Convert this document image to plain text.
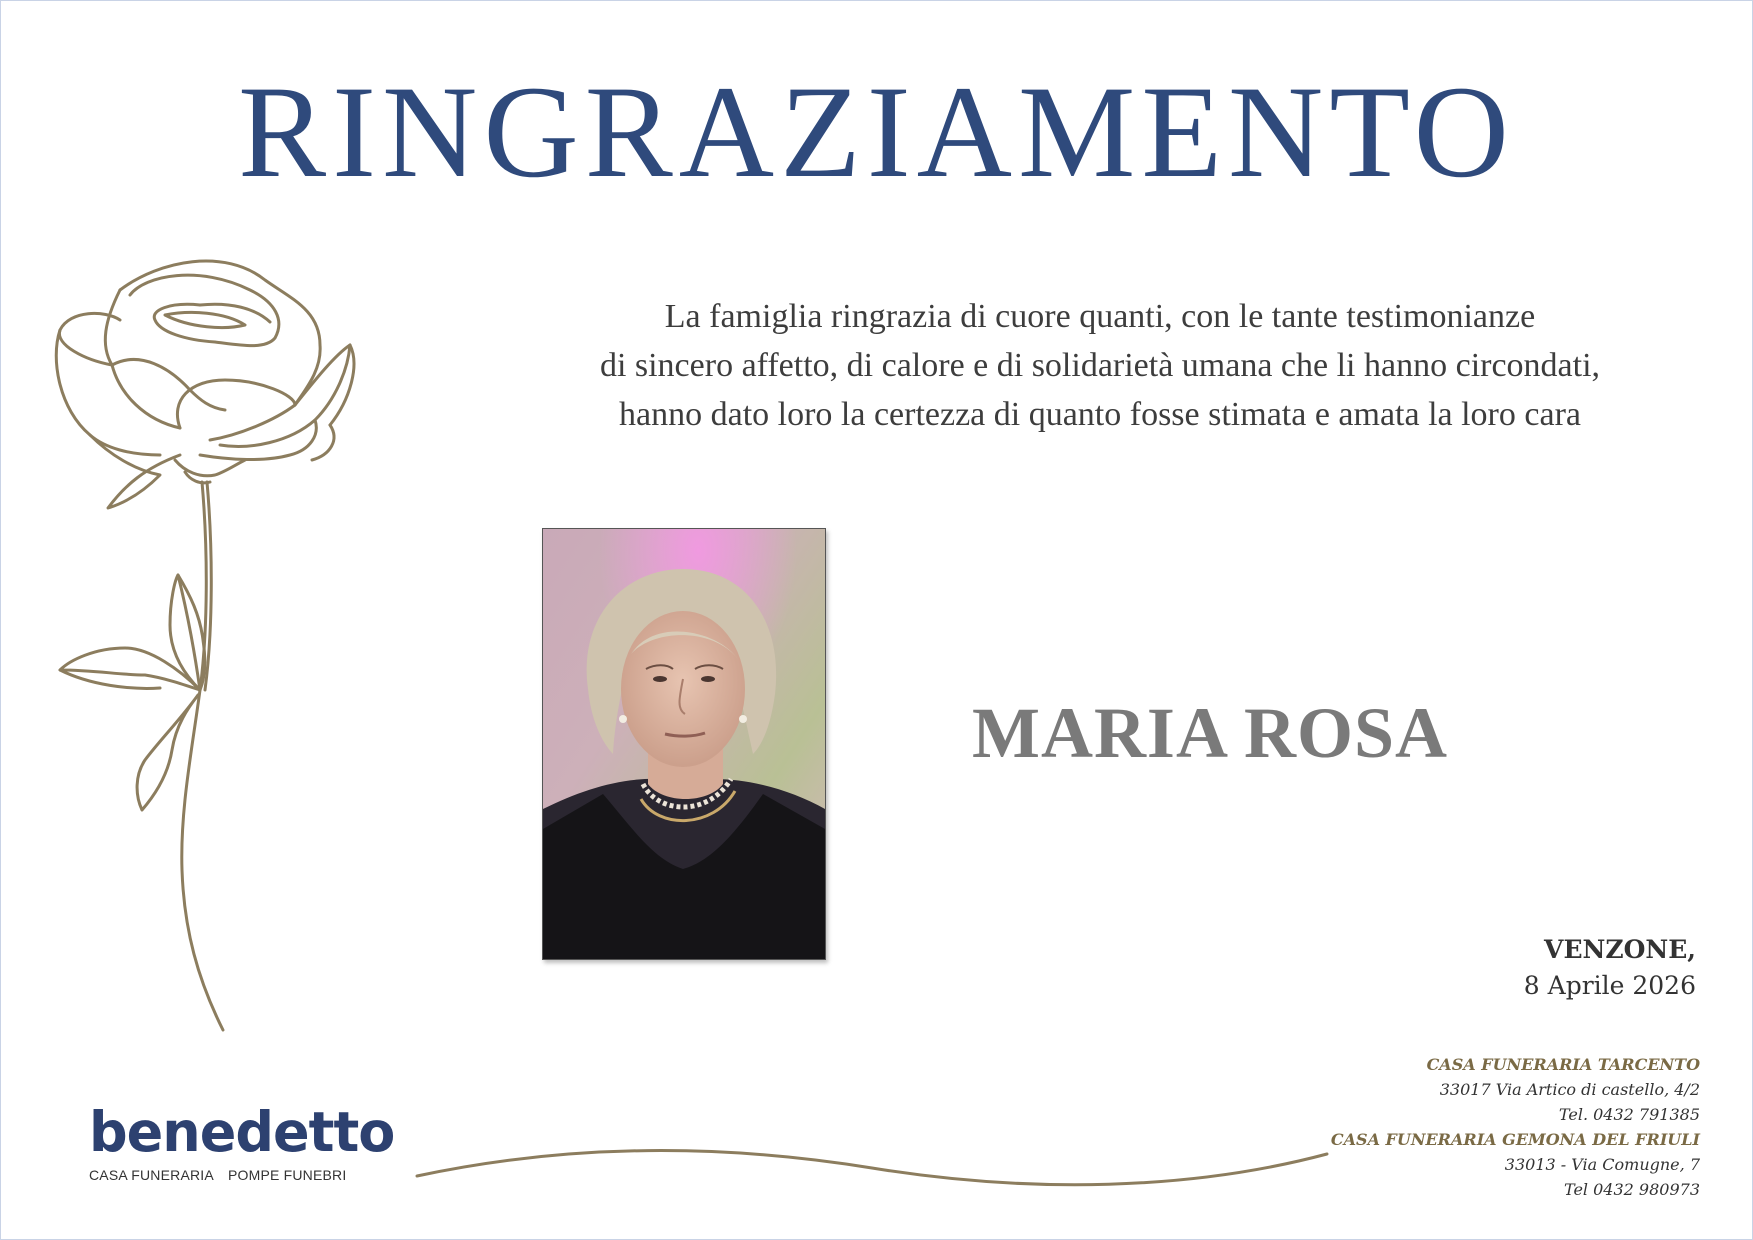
RINGRAZIAMENTO
La famiglia ringrazia di cuore quanti, con le tante testimonianze
di sincero affetto, di calore e di solidarietà umana che li hanno circondati,
hanno dato loro la certezza di quanto fosse stimata e amata la loro cara
MARIA ROSA
VENZONE,
8 Aprile 2026
CASA FUNERARIA TARCENTO
33017 Via Artico di castello, 4/2
Tel. 0432 791385
CASA FUNERARIA GEMONA DEL FRIULI
33013 - Via Comugne, 7
Tel 0432 980973
benedetto
CASA FUNERARIA POMPE FUNEBRI
